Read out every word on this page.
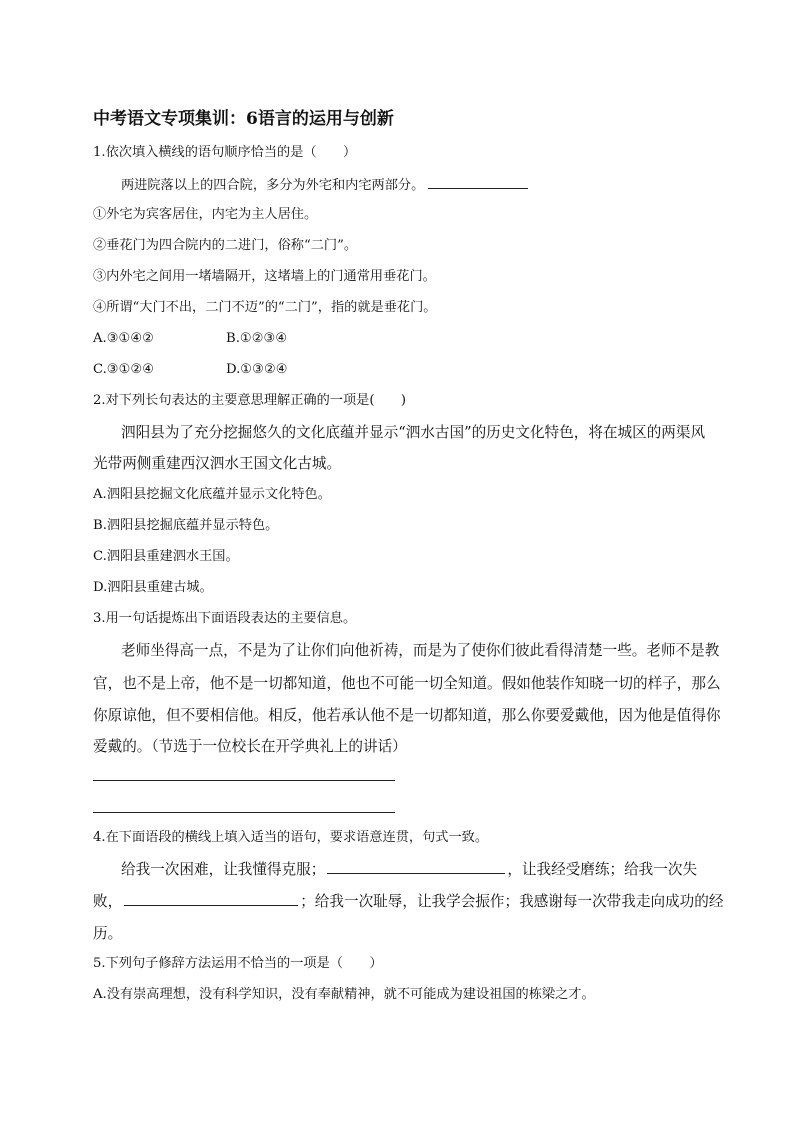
中考语文专项集训：6语言的运用与创新
1.依次填入横线的语句顺序恰当的是（　　）
两进院落以上的四合院，多分为外宅和内宅两部分。
①外宅为宾客居住，内宅为主人居住。
②垂花门为四合院内的二进门，俗称“二门”。
③内外宅之间用一堵墙隔开，这堵墙上的门通常用垂花门。
④所谓“大门不出，二门不迈”的“二门”，指的就是垂花门。
A.③①④②	B.①②③④
C.③①②④	D.①③②④
2.对下列长句表达的主要意思理解正确的一项是(　　)
泗阳县为了充分挖掘悠久的文化底蕴并显示“泗水古国”的历史文化特色，将在城区的两渠风
光带两侧重建西汉泗水王国文化古城。
A.泗阳县挖掘文化底蕴并显示文化特色。
B.泗阳县挖掘底蕴并显示特色。
C.泗阳县重建泗水王国。
D.泗阳县重建古城。
3.用一句话提炼出下面语段表达的主要信息。
老师坐得高一点，不是为了让你们向他祈祷，而是为了使你们彼此看得清楚一些。老师不是教
官，也不是上帝，他不是一切都知道，他也不可能一切全知道。假如他装作知晓一切的样子，那么
你原谅他，但不要相信他。相反，他若承认他不是一切都知道，那么你要爱戴他，因为他是值得你
爱戴的。（节选于一位校长在开学典礼上的讲话）
4.在下面语段的横线上填入适当的语句，要求语意连贯，句式一致。
给我一次困难，让我懂得克服；	，让我经受磨练；给我一次失
败，	；给我一次耻辱，让我学会振作；我感谢每一次带我走向成功的经
历。
5.下列句子修辞方法运用不恰当的一项是（　　）
A.没有崇高理想，没有科学知识，没有奉献精神，就不可能成为建设祖国的栋梁之才。
